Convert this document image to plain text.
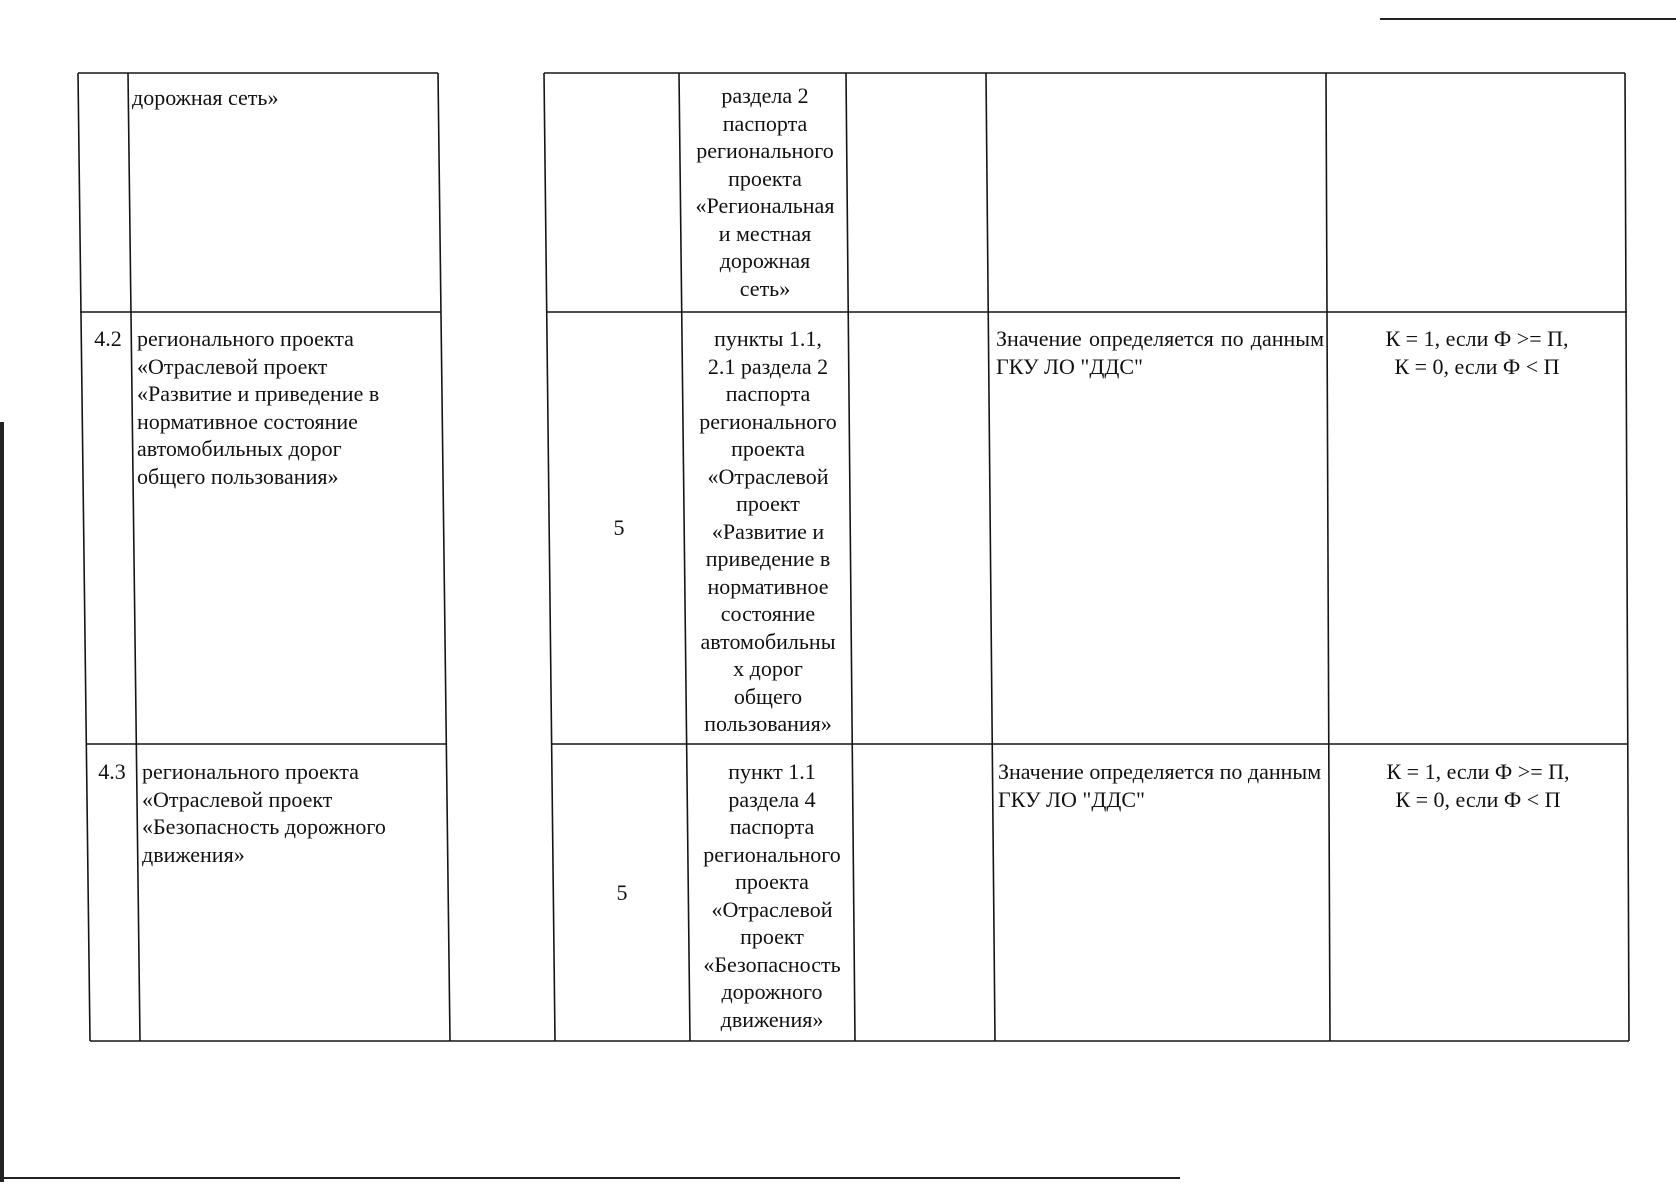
дорожная сеть»	раздела 2
паспорта
регионального
проекта
«Региональная
и местная
дорожная
сеть»
4.2 регионального проекта
«Отраслевой проект
«Развитие и приведение в
нормативное состояние
автомобильных дорог
общего пользования»
5
пункты 1.1,
2.1 раздела 2
паспорта
регионального
проекта
«Отраслевой
проект
«Развитие и
приведение в
нормативное
состояние
автомобильны
х дорог
общего
пользования»
Значение определяется по данным ГКУ ЛО "ДДС"
К = 1, если Ф >= П,
К = 0, если Ф < П
4.3 регионального проекта
«Отраслевой проект
«Безопасность дорожного
движения»
5
пункт 1.1
раздела 4
паспорта
регионального
проекта
«Отраслевой
проект
«Безопасность
дорожного
движения»
Значение определяется по данным ГКУ ЛО "ДДС"
К = 1, если Ф >= П,
К = 0, если Ф < П
